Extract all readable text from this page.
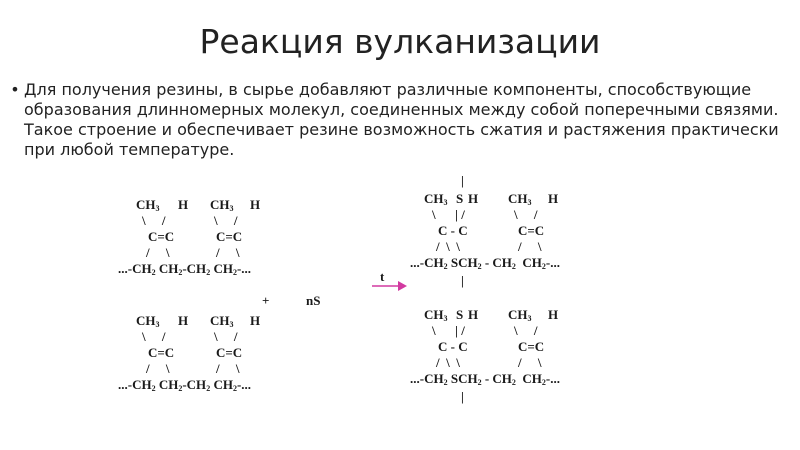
Реакция вулканизации
• Для получения резины, в сырье добавляют различные компоненты, способствующие образования длинномерных молекул, соединенных между собой поперечными связями. Такое строение и обеспечивает резине возможность сжатия и растяжения практически при любой температуре.
$CH_3$ H $CH_3$ H
\     /	\     /
C=C	C=C
/     \	/     \
$...-CH_2$ $CH_2-CH_2$ $CH_2-$...
$CH_3$ H $CH_3$ H
\     /	\     /
C=C	C=C
/     \	/     \
$...-CH_2$ $CH_2-CH_2$ $CH_2-$...
+	nS
t
|
$CH_3$ S H $CH_3$ H
\      | /	\     /
C - C	C=C
/  \  \	/     \
$...-CH_2$ $SCH_2 - CH_2$  $CH_2-$...
|
$CH_3$ S H $CH_3$ H
\      | /	\     /
C - C	C=C
/  \  \	/     \
$...-CH_2$ $SCH_2 - CH_2$  $CH_2-$...
|
